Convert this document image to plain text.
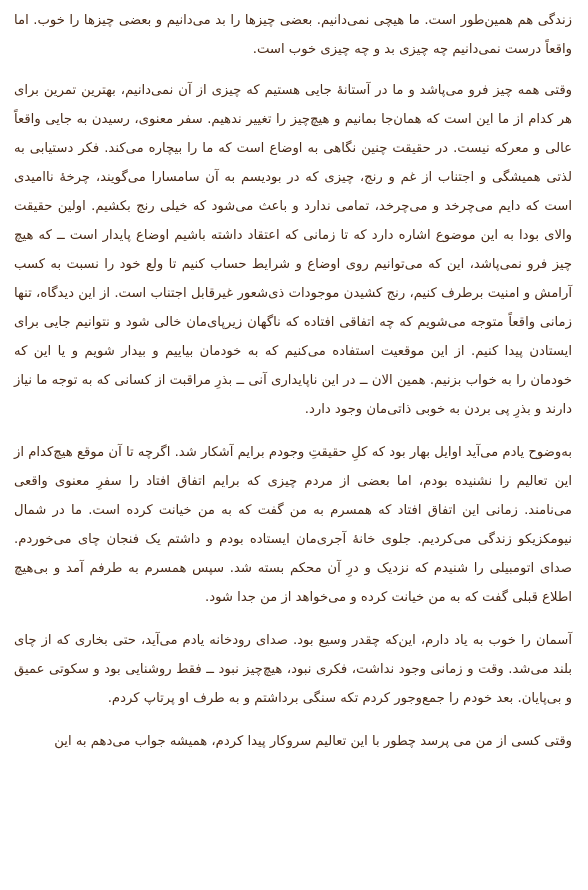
زندگی هم همین‌طور است. ما هیچی نمی‌دانیم. بعضی چیزها را بد می‌دانیم و بعضی چیزها را خوب. اما واقعاً درست نمی‌دانیم چه چیزی بد و چه چیزی خوب است.

وقتی همه چیز فرو می‌پاشد و ما در آستانهٔ جایی هستیم که چیزی از آن نمی‌دانیم، بهترین تمرین برای هر کدام از ما این است که همان‌جا بمانیم و هیچ‌چیز را تغییر ندهیم. سفر معنوی، رسیدن به جایی واقعاً عالی و معرکه نیست. در حقیقت چنین نگاهی به اوضاع است که ما را بیچاره می‌کند. فکر دستیابی به لذتی همیشگی و اجتناب از غم و رنج، چیزی که در بودیسم به آن سامسارا می‌گویند، چرخهٔ ناامیدی است که دایم می‌چرخد و می‌چرخد، تمامی ندارد و باعث می‌شود که خیلی رنج بکشیم. اولین حقیقت والای بودا به این موضوع اشاره دارد که تا زمانی که اعتقاد داشته باشیم اوضاع پایدار است ــ که هیچ چیز فرو نمی‌پاشد، این که می‌توانیم روی اوضاع و شرایط حساب کنیم تا ولع خود را نسبت به کسب آرامش و امنیت برطرف کنیم، رنج کشیدن موجودات ذی‌شعور غیرقابل اجتناب است. از این دیدگاه، تنها زمانی واقعاً متوجه می‌شویم که چه اتفاقی افتاده که ناگهان زیرپای‌مان خالی شود و نتوانیم جایی برای ایستادن پیدا کنیم. از این موقعیت استفاده می‌کنیم که به خودمان بیاییم و بیدار شویم و یا این که خودمان را به خواب بزنیم. همین الان ــ در این ناپایداری آنی ــ بذرِ مراقبت از کسانی که به توجه ما نیاز دارند و بذرِ پی بردن به خوبی ذاتی‌مان وجود دارد.

به‌وضوح یادم می‌آید اوایل بهار بود که کلِ حقیقتِ وجودم برایم آشکار شد. اگرچه تا آن موقع هیچ‌کدام از این تعالیم را نشنیده بودم، اما بعضی از مردم چیزی که برایم اتفاق افتاد را سفرِ معنوی واقعی می‌نامند. زمانی این اتفاق افتاد که همسرم به من گفت که به من خیانت کرده است. ما در شمال نیومکزیکو زندگی می‌کردیم. جلوی خانهٔ آجری‌مان ایستاده بودم و داشتم یک فنجان چای می‌خوردم. صدای اتومبیلی را شنیدم که نزدیک و درِ آن محکم بسته شد. سپس همسرم به طرفم آمد و بی‌هیچ اطلاع قبلی گفت که به من خیانت کرده و می‌خواهد از من جدا شود.

آسمان را خوب به یاد دارم، این‌که چقدر وسیع بود. صدای رودخانه یادم می‌آید، حتی بخاری که از چای بلند می‌شد. وقت و زمانی وجود نداشت، فکری نبود، هیچ‌چیز نبود ــ فقط روشنایی بود و سکوتی عمیق و بی‌پایان. بعد خودم را جمع‌وجور کردم تکه سنگی برداشتم و به طرف او پرتاپ کردم.

وقتی کسی از من می پرسد چطور با این تعالیم سروکار پیدا کردم، همیشه جواب می‌دهم به این
